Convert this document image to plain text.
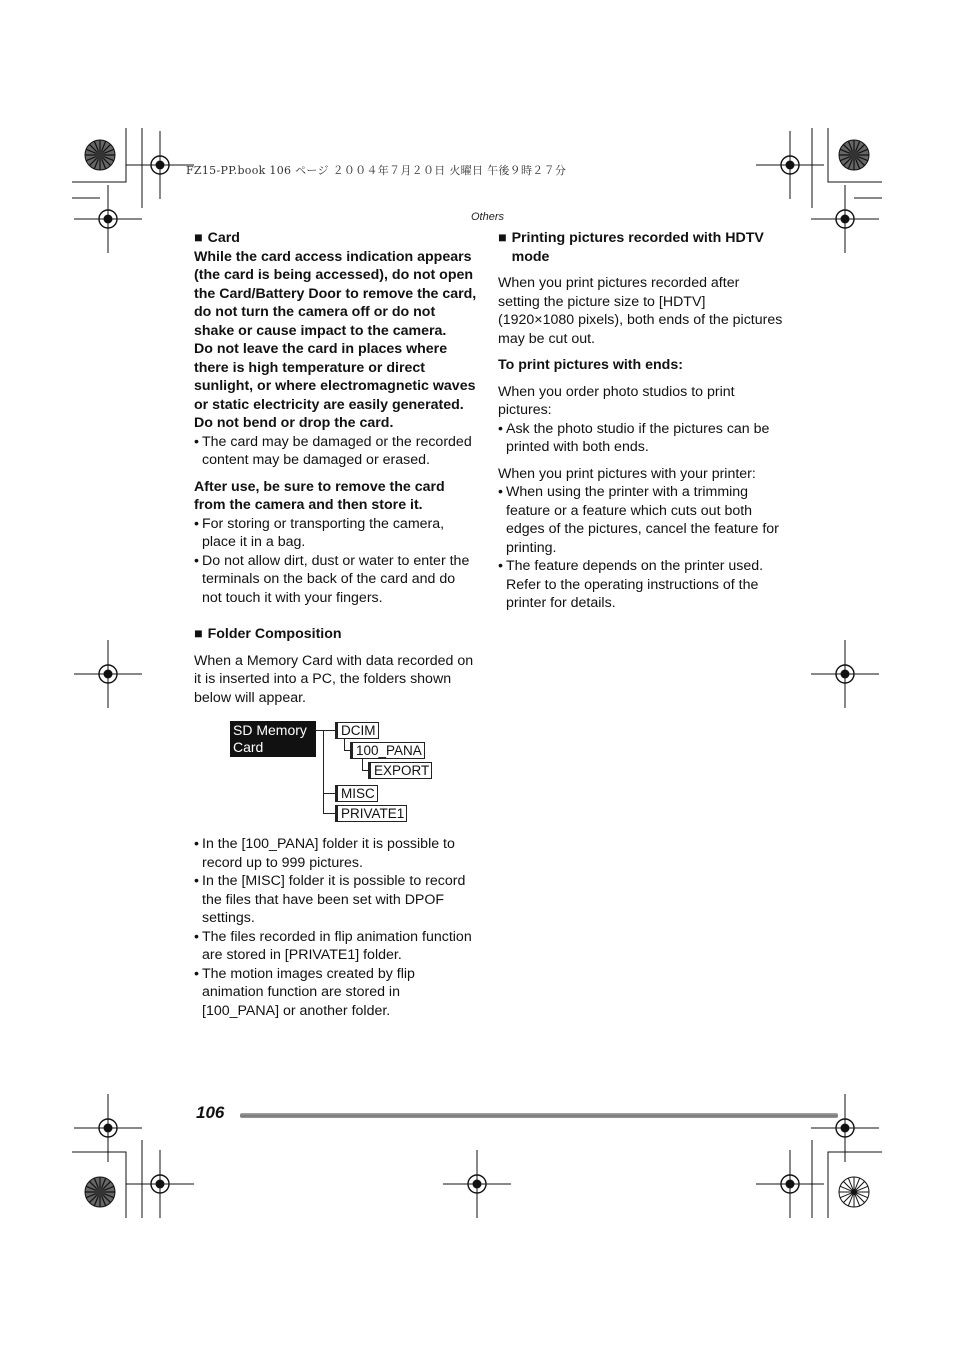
FZ15-PP.book 106 ページ ２００４年７月２０日 火曜日 午後９時２７分
Others
■ Card

While the card access indication appears (the card is being accessed), do not open the Card/Battery Door to remove the card, do not turn the camera off or do not shake or cause impact to the camera.

Do not leave the card in places where there is high temperature or direct sunlight, or where electromagnetic waves or static electricity are easily generated.

Do not bend or drop the card.

• The card may be damaged or the recorded content may be damaged or erased.

After use, be sure to remove the card from the camera and then store it.

• For storing or transporting the camera, place it in a bag.
• Do not allow dirt, dust or water to enter the terminals on the back of the card and do not touch it with your fingers.
■ Folder Composition

When a Memory Card with data recorded on it is inserted into a PC, the folders shown below will appear.

SD Memory Card
DCIM
100_PANA
EXPORT
MISC
PRIVATE1
• In the [100_PANA] folder it is possible to record up to 999 pictures.
• In the [MISC] folder it is possible to record the files that have been set with DPOF settings.
• The files recorded in flip animation function are stored in [PRIVATE1] folder.
• The motion images created by flip animation function are stored in [100_PANA] or another folder.
■ Printing pictures recorded with HDTV mode

When you print pictures recorded after setting the picture size to [HDTV] (1920×1080 pixels), both ends of the pictures may be cut out.

To print pictures with ends:

When you order photo studios to print pictures:

• Ask the photo studio if the pictures can be printed with both ends.

When you print pictures with your printer:

• When using the printer with a trimming feature or a feature which cuts out both edges of the pictures, cancel the feature for printing.
• The feature depends on the printer used. Refer to the operating instructions of the printer for details.
106
